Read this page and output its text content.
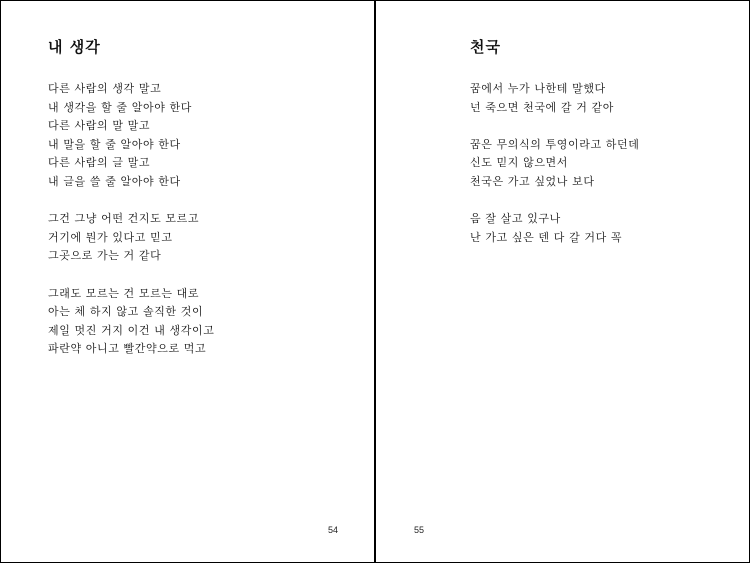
내 생각

다른 사람의 생각 말고
내 생각을 할 줄 알아야 한다
다른 사람의 말 말고
내 말을 할 줄 알아야 한다
다른 사람의 글 말고
내 글을 쓸 줄 알아야 한다

그건 그냥 어떤 건지도 모르고
거기에 뭔가 있다고 믿고
그곳으로 가는 거 같다

그래도 모르는 건 모르는 대로
아는 체 하지 않고 솔직한 것이
제일 멋진 거지 이건 내 생각이고
파란약 아니고 빨간약으로 먹고

54
천국

꿈에서 누가 나한테 말했다
넌 죽으면 천국에 갈 거 같아

꿈은 무의식의 투영이라고 하던데
신도 믿지 않으면서
천국은 가고 싶었나 보다

음 잘 살고 있구나
난 가고 싶은 덴 다 갈 거다 꼭

55
